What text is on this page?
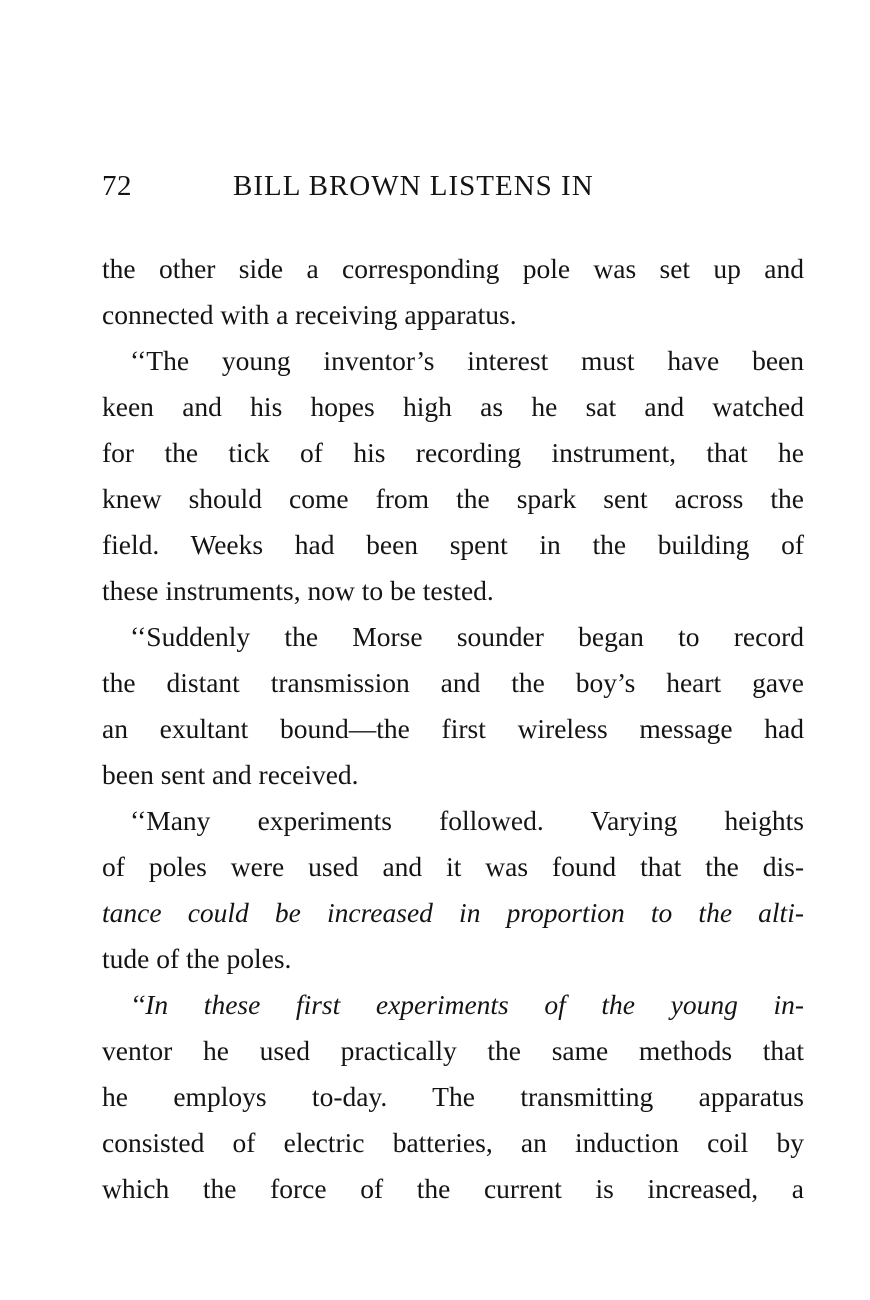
72	BILL BROWN LISTENS IN
the other side a corresponding pole was set up and
connected with a receiving apparatus.
‘‘The young inventor’s interest must have been
keen and his hopes high as he sat and watched
for the tick of his recording instrument, that he
knew should come from the spark sent across the
field. Weeks had been spent in the building of
these instruments, now to be tested.
‘‘Suddenly the Morse sounder began to record
the distant transmission and the boy’s heart gave
an exultant bound—the first wireless message had
been sent and received.
‘‘Many experiments followed. Varying heights
of poles were used and it was found that the dis-
tance could be increased in proportion to the alti-
tude of the poles.
‘‘In these first experiments of the young in-
ventor he used practically the same methods that
he employs to-day. The transmitting apparatus
consisted of electric batteries, an induction coil by
which the force of the current is increased, a
